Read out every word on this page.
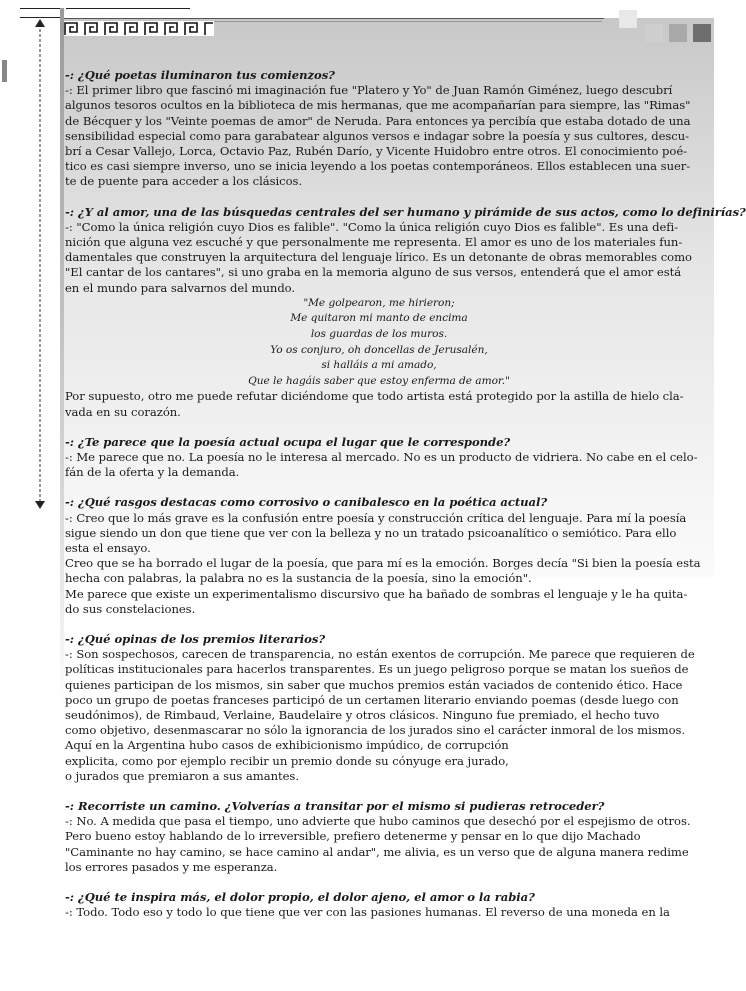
-: ¿Qué poetas iluminaron tus comienzos?
-: El primer libro que fascinó mi imaginación fue "Platero y Yo" de Juan Ramón Giménez, luego descubrí
algunos tesoros ocultos en la biblioteca de mis hermanas, que me acompañarían para siempre, las "Rimas"
de Bécquer y los "Veinte poemas de amor" de Neruda. Para entonces ya percibía que estaba dotado de una
sensibilidad especial como para garabatear algunos versos e indagar sobre la poesía y sus cultores, descu-
brí a Cesar Vallejo, Lorca, Octavio Paz, Rubén Darío, y Vicente Huidobro entre otros. El conocimiento poé-
tico es casi siempre inverso, uno se inicia leyendo a los poetas contemporáneos. Ellos establecen una suer-
te de puente para acceder a los clásicos.
-: ¿Y al amor, una de las búsquedas centrales del ser humano y pirámide de sus actos, como lo definirías?
-: "Como la única religión cuyo Dios es falible". "Como la única religión cuyo Dios es falible". Es una defi-
nición que alguna vez escuché y que personalmente me representa. El amor es uno de los materiales fun-
damentales que construyen la arquitectura del lenguaje lírico. Es un detonante de obras memorables como
"El cantar de los cantares", si uno graba en la memoria alguno de sus versos, entenderá que el amor está
en el mundo para salvarnos del mundo.
"Me golpearon, me hirieron;
Me quitaron mi manto de encima
los guardas de los muros.
Yo os conjuro, oh doncellas de Jerusalén,
si halláis a mi amado,
Que le hagáis saber que estoy enferma de amor."
Por supuesto, otro me puede refutar diciéndome que todo artista está protegido por la astilla de hielo cla-
vada en su corazón.
-: ¿Te parece que la poesía actual ocupa el lugar que le corresponde?
-: Me parece que no. La poesía no le interesa al mercado. No es un producto de vidriera. No cabe en el celo-
fán de la oferta y la demanda.
-: ¿Qué rasgos destacas como corrosivo o canibalesco en la poética actual?
-: Creo que lo más grave es la confusión entre poesía y construcción crítica del lenguaje. Para mí la poesía
sigue siendo un don que tiene que ver con la belleza y no un tratado psicoanalítico o semiótico. Para ello
esta el ensayo.
Creo que se ha borrado el lugar de la poesía, que para mí es la emoción. Borges decía "Si bien la poesía esta
hecha con palabras, la palabra no es la sustancia de la poesía, sino la emoción".
Me parece que existe un experimentalismo discursivo que ha bañado de sombras el lenguaje y le ha quita-
do sus constelaciones.
-: ¿Qué opinas de los premios literarios?
-: Son sospechosos, carecen de transparencia, no están exentos de corrupción. Me parece que requieren de
políticas institucionales para hacerlos transparentes. Es un juego peligroso porque se matan los sueños de
quienes participan de los mismos, sin saber que muchos premios están vaciados de contenido ético. Hace
poco un grupo de poetas franceses participó de un certamen literario enviando poemas (desde luego con
seudónimos), de Rimbaud, Verlaine, Baudelaire y otros clásicos. Ninguno fue premiado, el hecho tuvo
como objetivo, desenmascarar no sólo la ignorancia de los jurados sino el carácter inmoral de los mismos.
Aquí en la Argentina hubo casos de exhibicionismo impúdico, de corrupción
explicita, como por ejemplo recibir un premio donde su cónyuge era jurado,
o jurados que premiaron a sus amantes.
-: Recorriste un camino. ¿Volverías a transitar por el mismo si pudieras retroceder?
-: No. A medida que pasa el tiempo, uno advierte que hubo caminos que desechó por el espejismo de otros.
Pero bueno estoy hablando de lo irreversible, prefiero detenerme y pensar en lo que dijo Machado
"Caminante no hay camino, se hace camino al andar", me alivia, es un verso que de alguna manera redime
los errores pasados y me esperanza.
-: ¿Qué te inspira más, el dolor propio, el dolor ajeno, el amor o la rabia?
-: Todo. Todo eso y todo lo que tiene que ver con las pasiones humanas. El reverso de una moneda en la
